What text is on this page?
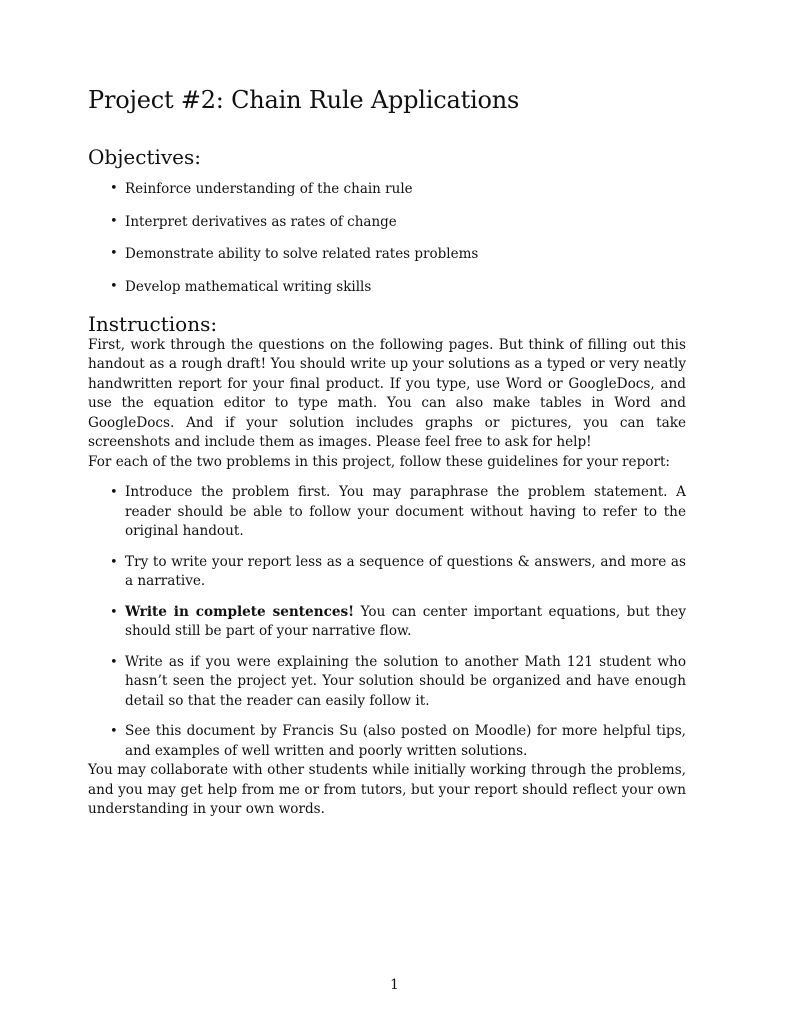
Project #2: Chain Rule Applications
Objectives:
• Reinforce understanding of the chain rule
• Interpret derivatives as rates of change
• Demonstrate ability to solve related rates problems
• Develop mathematical writing skills
Instructions:

First, work through the questions on the following pages. But think of filling out this handout as a rough draft! You should write up your solutions as a typed or very neatly handwritten report for your final product. If you type, use Word or GoogleDocs, and use the equation editor to type math. You can also make tables in Word and GoogleDocs. And if your solution includes graphs or pictures, you can take screenshots and include them as images. Please feel free to ask for help!

For each of the two problems in this project, follow these guidelines for your report:

• Introduce the problem first. You may paraphrase the problem statement. A reader should be able to follow your document without having to refer to the original handout.
• Try to write your report less as a sequence of questions & answers, and more as a narrative.
• Write in complete sentences! You can center important equations, but they should still be part of your narrative flow.
• Write as if you were explaining the solution to another Math 121 student who hasn’t seen the project yet. Your solution should be organized and have enough detail so that the reader can easily follow it.
• See this document by Francis Su (also posted on Moodle) for more helpful tips, and examples of well written and poorly written solutions.

You may collaborate with other students while initially working through the problems, and you may get help from me or from tutors, but your report should reflect your own understanding in your own words.

1
